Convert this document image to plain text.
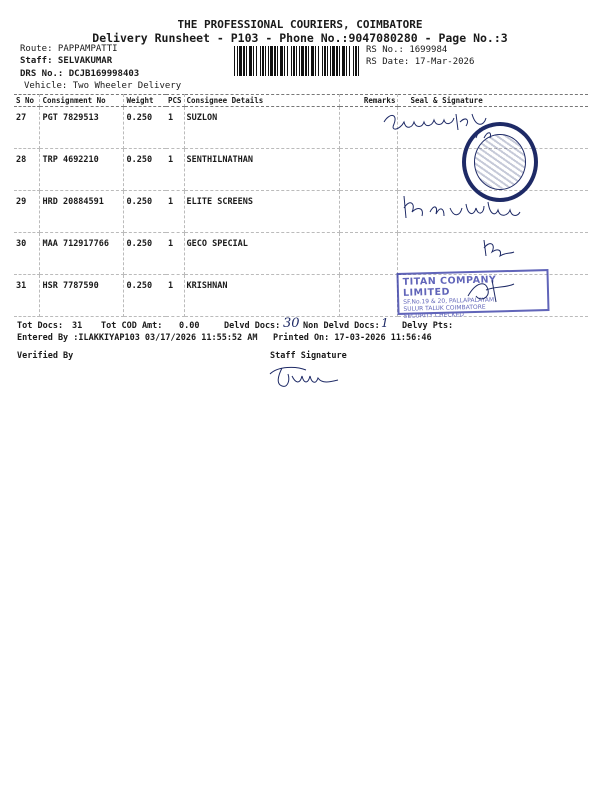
THE PROFESSIONAL COURIERS, COIMBATORE
Delivery Runsheet - P103 - Phone No.:9047080280 - Page No.:3
Route: PAPPAMPATTI
Staff: SELVAKUMAR
DRS No.: DCJB169998403
Vehicle: Two Wheeler Delivery
RS No.: 1699984
RS Date: 17-Mar-2026
S No	Consignment No	Weight	PCS	Consignee Details	Remarks	Seal & Signature
27	PGT 7829513	0.250	1	SUZLON		
28	TRP 4692210	0.250	1	SENTHILNATHAN		
29	HRD 20884591	0.250	1	ELITE SCREENS		
30	MAA 712917766	0.250	1	GECO SPECIAL		
31	HSR 7787590	0.250	1	KRISHNAN		
Tot Docs: 31 Tot COD Amt: 0.00	Delvd Docs: 30 Non Delvd Docs: 1 Delvy Pts:
Entered By :ILAKKIYAP103 03/17/2026 11:55:52 AM Printed On: 17-03-2026 11:56:46
Verified By	Staff Signature
TITAN COMPANY LIMITED
SF.No.19 & 20, PALLAPALAYAM
SULUR TALUK COIMBATORE
SECURITY CHECKED
